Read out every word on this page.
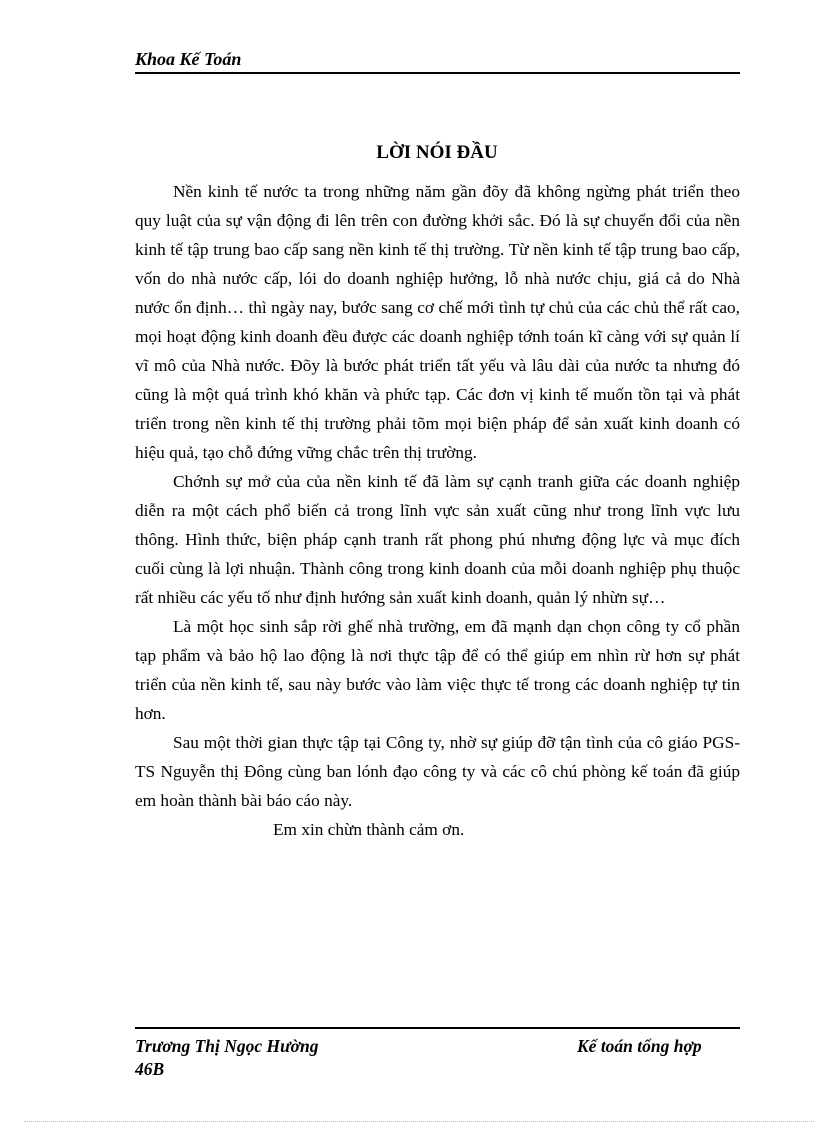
Khoa Kế Toán
LỜI NÓI ĐẦU

Nền kinh tế nước ta trong những năm gần đõy đã không ngừng phát triển theo quy luật của sự vận động đi lên trên con đường khởi sắc. Đó là sự chuyển đổi của nền kinh tế tập trung bao cấp sang nền kinh tế thị trường. Từ nền kinh tế tập trung bao cấp, vốn do nhà nước cấp, lói do doanh nghiệp hưởng, lỗ nhà nước chịu, giá cả do Nhà nước ổn định… thì ngày nay, bước sang cơ chế mới tình tự chủ của các chủ thể rất cao, mọi hoạt động kinh doanh đều được các doanh nghiệp tớnh toán kĩ càng với sự quản lí vĩ mô của Nhà nước. Đõy là bước phát triển tất yếu và lâu dài của nước ta nhưng đó cũng là một quá trình khó khăn và phức tạp. Các đơn vị kinh tế muốn tồn tại và phát triển trong nền kinh tế thị trường phải tõm mọi biện pháp để sản xuất kinh doanh có hiệu quả, tạo chỗ đứng vững chắc trên thị trường.

Chớnh sự mở của của nền kinh tế đã làm sự cạnh tranh giữa các doanh nghiệp diễn ra một cách phổ biến cả trong lĩnh vực sản xuất cũng như trong lĩnh vực lưu thông. Hình thức, biện pháp cạnh tranh rất phong phú nhưng động lực và mục đích cuối cùng là lợi nhuận. Thành công trong kinh doanh của mỗi doanh nghiệp phụ thuộc rất nhiều các yếu tố như định hướng sản xuất kinh doanh, quản lý nhừn sự…

Là một học sinh sắp rời ghế nhà trường, em đã mạnh dạn chọn công ty cổ phần tạp phẩm và bảo hộ lao động là nơi thực tập để có thể giúp em nhìn rừ hơn sự phát triển của nền kinh tế, sau này bước vào làm việc thực tế trong các doanh nghiệp tự tin hơn.

Sau một thời gian thực tập tại Công ty, nhờ sự giúp đỡ tận tình của cô giáo PGS-TS Nguyễn thị Đông cùng ban lónh đạo công ty và các cô chú phòng kế toán đã giúp em hoàn thành bài báo cáo này.

Em xin chừn thành cảm ơn.

Trương Thị Ngọc Hường
46B
Kế toán tổng hợp
